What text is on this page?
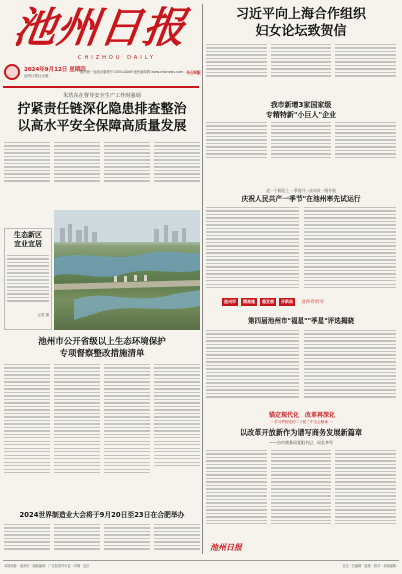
池州日报
CHIZHOU DAILY
2024年9月12日 星期四
池州日报社出版
国内统一连续出版物号 CN34-0069 池州新闻网 www.chiznews.com 今日8版
习近平向上海合作组织
妇女论坛致贺信
朱浩东在督导安全生产工作时强调
拧紧责任链深化隐患排查整治
以高水平安全保障高质量发展
生态新区
宜业宜居
记者 摄
池州市公开省级以上生态环境保护
专项督察整改措施清单
2024世界制造业大会将于9月20日至23日在合肥举办
我市新增3家国家级
专精特新"小巨人"企业
近一个阶段上 一季度开一次动员一级开展
庆祝人民共产一季节"在池州率先试运行
池州市	精准施	稳发展	开新局	宣传有担当
第四届池州市"福星""季星"评选揭晓
锚定现代化 改革再深化
一 学习贯彻党的二十届三中全会精神 一
以改革开放新作为谱写商务发展新篇章
——访市商务局党组书记、局长李军
池州日报
本报地址：池州市 · 邮政编码 · 广告经营许可证 · 印刷 · 定价	社长 · 总编辑 · 值班 · 校对 · 本版编辑
